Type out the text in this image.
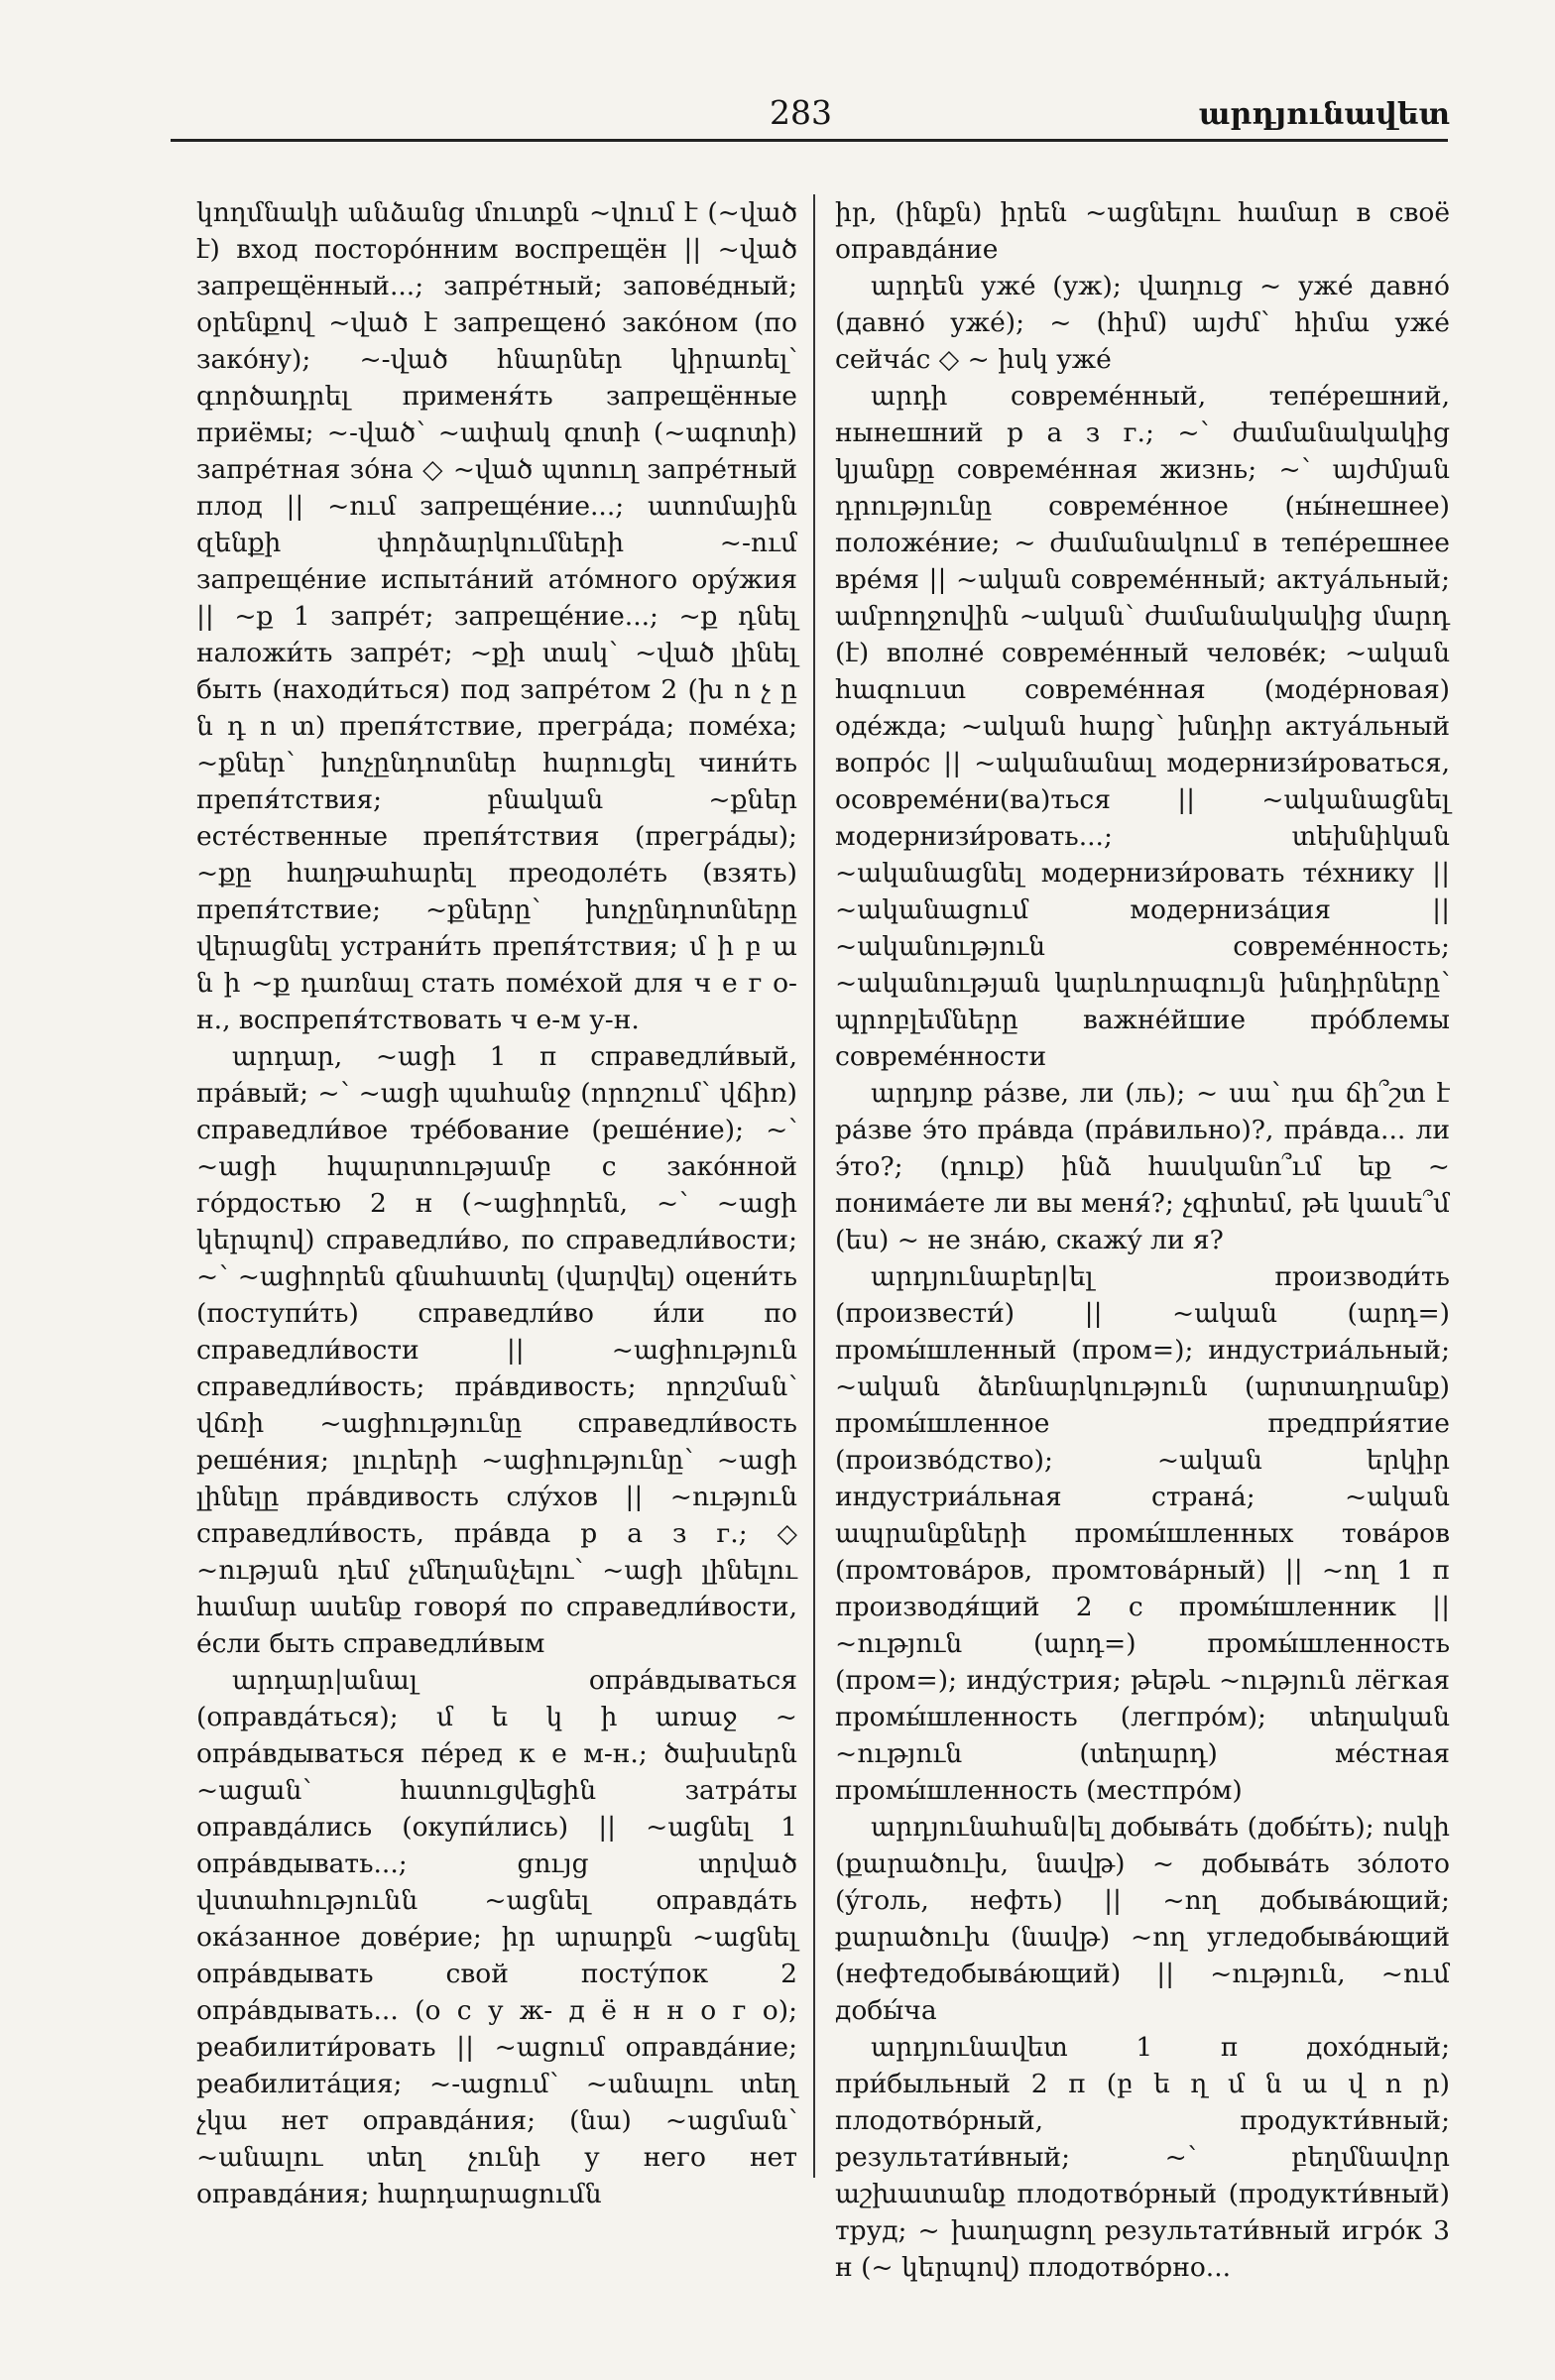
283	արդյունավետ

կողմնակի անձանց մուտքն ~վում է (~ված է) вход посторóнним воспрещён || ~ված запрещённый...; запрéтный; заповéдный; օրենքով ~ված է запрещенó закóном (по закóну); ~-ված հնարներ կիրառել՝ գործադրել применя́ть запрещённые приёмы; ~-ված՝ ~ափակ գոտի (~ագոտի) запрéтная зóна ◇ ~ված պտուղ запрéтный плод || ~ում запрещéние...; ատոմային զենքի փորձարկումների ~-ում запрещéние испытáний атóмного орýжия || ~ք 1 запрéт; запрещéние...; ~ք դնել наложи́ть запрéт; ~քի տակ՝ ~ված լինել быть (находи́ться) под запрéтом 2 (խ ո չ ը ն դ ո տ) препя́тствие, прегрáда; помéха; ~քներ՝ խոչընդոտներ հարուցել чини́ть препя́тствия; բնական ~քներ естéственные препя́тствия (прегрáды); ~քը հաղթահարել преодолéть (взять) препя́тствие; ~քները՝ խոչընդոտները վերացնել устрани́ть препя́тствия; մ ի բ ա ն ի ~ք դառնալ стать помéхой для ч е г о-н., воспрепя́тствовать ч е-м у-н.

արդար, ~ացի 1 п справедли́вый, прáвый; ~՝ ~ացի պահանջ (որոշում՝ վճիռ) справедли́вое трéбование (решéние); ~՝ ~ացի հպարտությամբ с закóнной гóрдостью 2 н (~ացիորեն, ~՝ ~ացի կերպով) справедли́во, по справедли́вости; ~՝ ~ացիորեն գնահատել (վարվել) оцени́ть (поступи́ть) справедли́во и́ли по справедли́вости || ~ացիություն справедли́вость; прáвдивость; որոշման՝ վճռի ~ացիությունը справедли́вость решéния; լուրերի ~ացիությունը՝ ~ացի լինելը прáвдивость слýхов || ~ություն справедли́вость, прáвда р а з г.; ◇ ~ության դեմ չմեղանչելու՝ ~ացի լինելու համար ասենք говоря́ по справедли́вости, éсли быть справедли́вым

արդար|անալ опрáвдываться (оправдáться); մ ե կ ի առաջ ~ опрáвдываться пéред к е м-н.; ծախսերն ~ացան՝ հատուցվեցին затрáты оправдáлись (окупи́лись) || ~ացնել 1 опрáвдывать...; ցույց տրված վստահությունն ~ացնել оправдáть окáзанное довéрие; իր արարքն ~ացնել опрáвдывать свой постýпок 2 опрáвдывать... (о с у ж- д ё н н о г о); реабилити́ровать || ~ացում оправдáние; реабилитáция; ~-ացում՝ ~անալու տեղ չկա нет оправдáния; (նա) ~ացման՝ ~անալու տեղ չունի у него нет оправдáния; հարդարացումն

իր, (ինքն) իրեն ~ացնելու համար в своё оправдáние

արդեն ужé (уж); վաղուց ~ ужé давнó (давнó ужé); ~ (hիմ) այժմ՝ հիմա ужé сейчáс ◇ ~ իսկ ужé

արդի совремéнный, тепéрешний, нынешний р а з г.; ~՝ ժամանակակից կյանքը совремéнная жизнь; ~՝ այժմյան դրությունը совремéнное (ны́нешнее) положéние; ~ ժամանակում в тепéрешнее врéмя || ~ական совремéнный; актуáльный; ամբողջովին ~ական՝ ժամանակակից մարդ (է) вполнé совремéнный человéк; ~ական հագուստ совремéнная (модéрновая) одéжда; ~ական հարց՝ խնդիր актуáльный вопрóс || ~ականանալ модернизи́роваться, осовремéни(ва)ться || ~ականացնել модернизи́ровать...; տեխնիկան ~ականացնել модернизи́ровать тéхнику || ~ականացում модернизáция || ~ականություն совремéнность; ~ականության կարևորագույն խնդիրները՝ պրոբլեմները важнéйшие прóблемы совремéнности

արդյոք рáзве, ли (ль); ~ սա՝ դա ճի՞շտ է рáзве э́то прáвда (прáвильно)?, прáвда... ли э́то?; (դուք) ինձ հասկանո՞ւմ եք ~ понимáете ли вы меня́?; չգիտեմ, թե կասե՞մ (ես) ~ не знáю, скажý ли я?

արդյունաբեր|ել производи́ть (произвести́) || ~ական (արդ=) промы́шленный (пром=); индустриáльный; ~ական ձեռնարկություն (արտադրանք) промы́шленное предпри́ятие (произвóдство); ~ական երկիր индустриáльная странá; ~ական ապրանքների промы́шленных товáров (промтовáров, промтовáрный) || ~ող 1 п производя́щий 2 с промы́шленник || ~ություն (արդ=) промы́шленность (пром=); индýстрия; թեթև ~ություն лёгкая промы́шленность (легпрóм); տեղական ~ություն (տեղարդ) мéстная промы́шленность (местпрóм)

արդյունահան|ել добывáть (добы́ть); ոսկի (քարածուխ, նավթ) ~ добывáть зóлото (ýголь, нефть) || ~ող добывáющий; քարածուխ (նավթ) ~ող угледобывáющий (нефтедобывáющий) || ~ություն, ~ում добы́ча

արդյունավետ 1 п дохóдный; при́быльный 2 п (բ ե ղ մ ն ա վ ո ր) плодотвóрный, продукти́вный; результати́вный; ~՝ բեղմնավոր աշխատանք плодотвóрный (продукти́вный) труд; ~ խաղացող результати́вный игрóк 3 н (~ կերպով) плодотвóрно...
